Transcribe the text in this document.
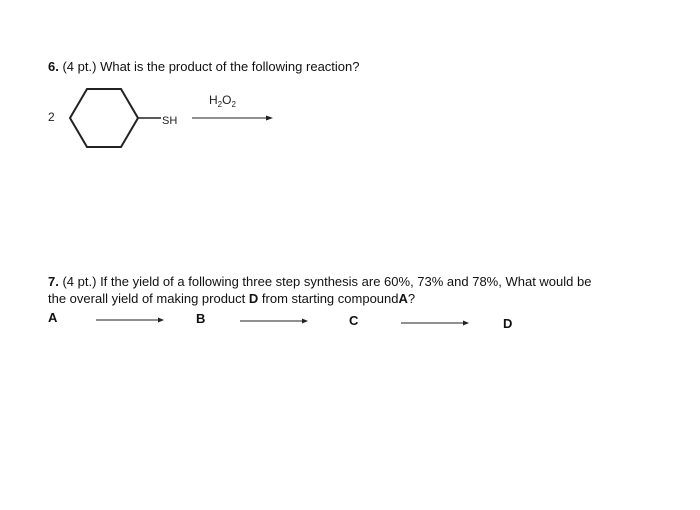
6. (4 pt.) What is the product of the following reaction?
2	SH
$H_2O_2$
7. (4 pt.) If the yield of a following three step synthesis are 60%, 73% and 78%, What would be
the overall yield of making product D from starting compoundA?
A	B	C	D
